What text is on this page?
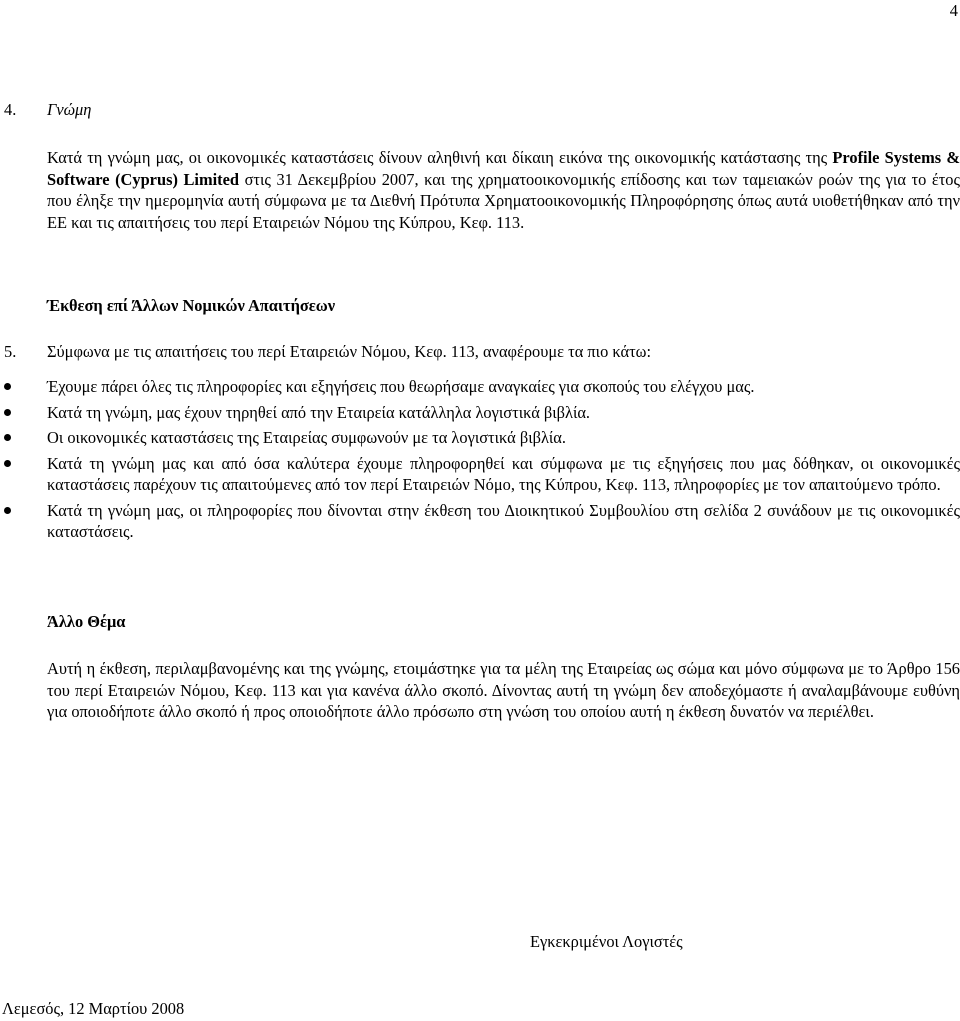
4
4. Γνώμη
Κατά τη γνώμη μας, οι οικονομικές καταστάσεις δίνουν αληθινή και δίκαιη εικόνα της οικονομικής κατάστασης της Profile Systems & Software (Cyprus) Limited στις 31 Δεκεμβρίου 2007, και της χρηματοοικονομικής επίδοσης και των ταμειακών ροών της για το έτος που έληξε την ημερομηνία αυτή σύμφωνα με τα Διεθνή Πρότυπα Χρηματοοικονομικής Πληροφόρησης όπως αυτά υιοθετήθηκαν από την ΕΕ και τις απαιτήσεις του περί Εταιρειών Νόμου της Κύπρου, Κεφ. 113.
Έκθεση επί Άλλων Νομικών Απαιτήσεων
5. Σύμφωνα με τις απαιτήσεις του περί Εταιρειών Νόμου, Κεφ. 113, αναφέρουμε τα πιο κάτω:
Έχουμε πάρει όλες τις πληροφορίες και εξηγήσεις που θεωρήσαμε αναγκαίες για σκοπούς του ελέγχου μας.
Κατά τη γνώμη, μας έχουν τηρηθεί από την Εταιρεία κατάλληλα λογιστικά βιβλία.
Οι οικονομικές καταστάσεις της Εταιρείας συμφωνούν με τα λογιστικά βιβλία.
Κατά τη γνώμη μας και από όσα καλύτερα έχουμε πληροφορηθεί και σύμφωνα με τις εξηγήσεις που μας δόθηκαν, οι οικονομικές καταστάσεις παρέχουν τις απαιτούμενες από τον περί Εταιρειών Νόμο, της Κύπρου, Κεφ. 113, πληροφορίες με τον απαιτούμενο τρόπο.
Κατά τη γνώμη μας, οι πληροφορίες που δίνονται στην έκθεση του Διοικητικού Συμβουλίου στη σελίδα 2 συνάδουν με τις οικονομικές καταστάσεις.
Άλλο Θέμα
Αυτή η έκθεση, περιλαμβανομένης και της γνώμης, ετοιμάστηκε για τα μέλη της Εταιρείας ως σώμα και μόνο σύμφωνα με το Άρθρο 156 του περί Εταιρειών Νόμου, Κεφ. 113 και για κανένα άλλο σκοπό. Δίνοντας αυτή τη γνώμη δεν αποδεχόμαστε ή αναλαμβάνουμε ευθύνη για οποιοδήποτε άλλο σκοπό ή προς οποιοδήποτε άλλο πρόσωπο στη γνώση του οποίου αυτή η έκθεση δυνατόν να περιέλθει.
Εγκεκριμένοι Λογιστές
Λεμεσός, 12 Μαρτίου 2008
